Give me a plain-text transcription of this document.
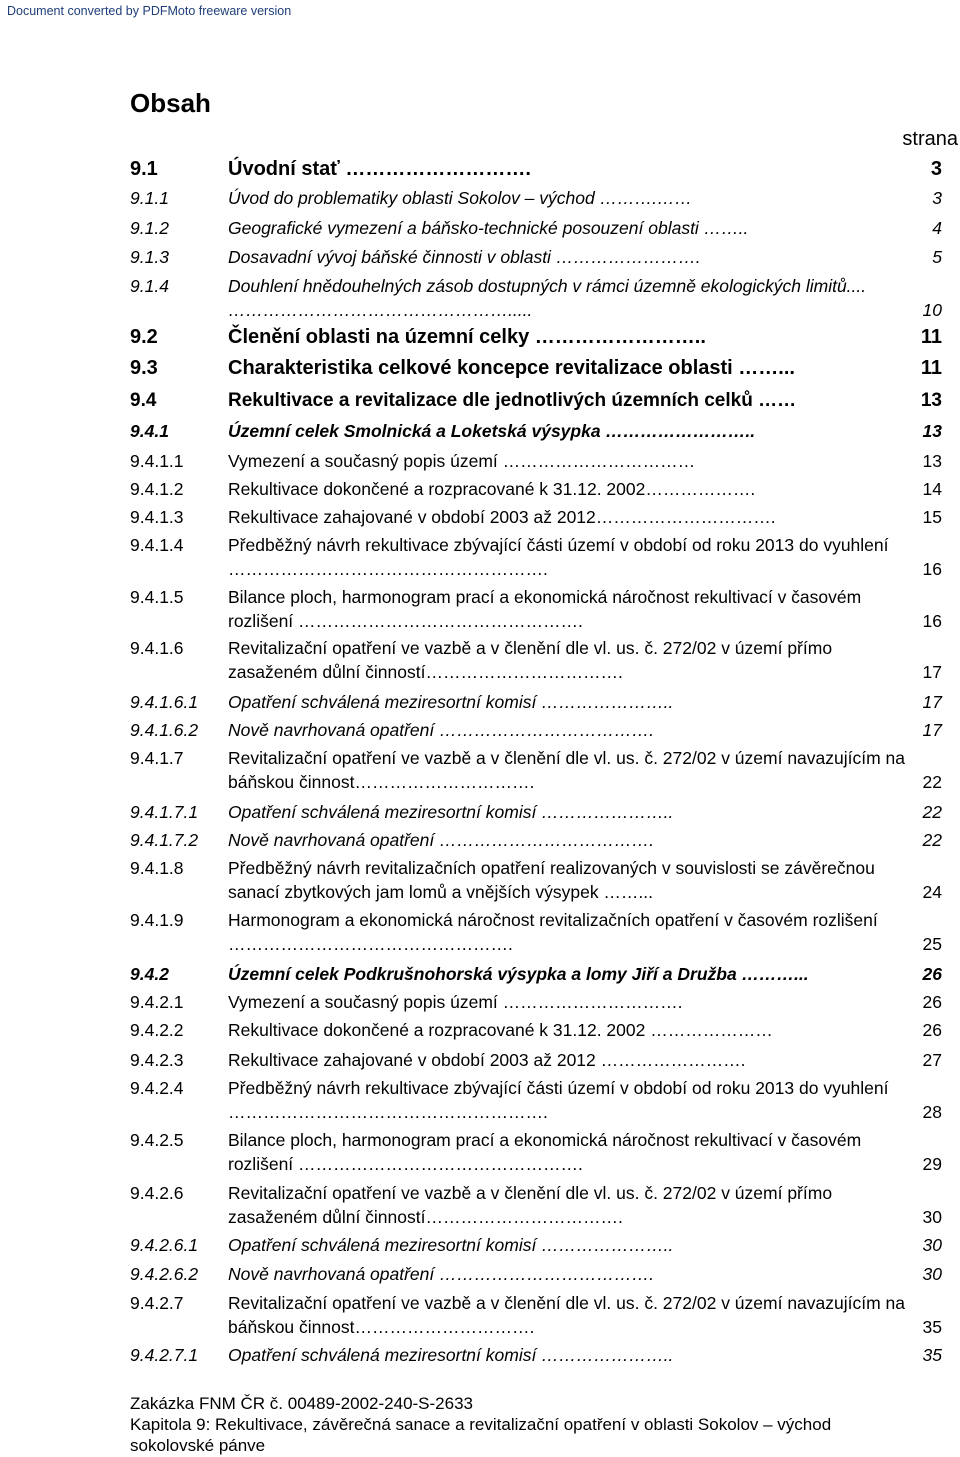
Document converted by PDFMoto freeware version
Obsah
strana
9.1	Úvodní stať ……………………….	3
9.1.1	Úvod do problematiky oblasti Sokolov – východ ……….……	3
9.1.2	Geografické vymezení a báňsko-technické posouzení oblasti ……..	4
9.1.3	Dosavadní vývoj báňské činnosti v oblasti …………………….	5
9.1.4	Douhlení hnědouhelných zásob dostupných v rámci územně ekologických limitů.... ………………………………………….....	10
9.2	Členění oblasti na územní celky ……………………..	11
9.3	Charakteristika celkové koncepce revitalizace oblasti ……...	11
9.4	Rekultivace a revitalizace dle jednotlivých územních celků ……	13
9.4.1	Územní celek Smolnická a Loketská výsypka ……………………..	13
9.4.1.1	Vymezení a současný popis území ……………………………	13
9.4.1.2	Rekultivace dokončené a rozpracované k 31.12. 2002……………….	14
9.4.1.3	Rekultivace zahajované v období 2003 až 2012………………………….	15
9.4.1.4	Předběžný návrh rekultivace zbývající části území v období od roku 2013 do vyuhlení ……………………………………………….	16
9.4.1.5	Bilance ploch, harmonogram prací a ekonomická náročnost rekultivací v časovém rozlišení ………………………………………….	16
9.4.1.6	Revitalizační opatření ve vazbě a v členění dle vl. us. č. 272/02 v území přímo zasaženém důlní činností…………………………….	17
9.4.1.6.1	Opatření schválená meziresortní komisí …………………..	17
9.4.1.6.2	Nově navrhovaná opatření ……………………………….	17
9.4.1.7	Revitalizační opatření ve vazbě a v členění dle vl. us. č. 272/02 v území navazujícím na báňskou činnost………………………….	22
9.4.1.7.1	Opatření schválená meziresortní komisí …………………..	22
9.4.1.7.2	Nově navrhovaná opatření ……………………………….	22
9.4.1.8	Předběžný návrh revitalizačních opatření realizovaných v souvislosti se závěrečnou sanací zbytkových jam lomů a vnějších výsypek ……...	24
9.4.1.9	Harmonogram a ekonomická náročnost revitalizačních opatření v časovém rozlišení ………………………………………….	25
9.4.2	Územní celek Podkrušnohorská výsypka a lomy Jiří a Družba ………...	26
9.4.2.1	Vymezení a současný popis území ………………………….	26
9.4.2.2	Rekultivace dokončené a rozpracované k 31.12. 2002 …………………	26
9.4.2.3	Rekultivace zahajované v období 2003 až 2012 …………………….	27
9.4.2.4	Předběžný návrh rekultivace zbývající části území v období od roku 2013 do vyuhlení ……………………………………………….	28
9.4.2.5	Bilance ploch, harmonogram prací a ekonomická náročnost rekultivací v časovém rozlišení ………………………………………….	29
9.4.2.6	Revitalizační opatření ve vazbě a v členění dle vl. us. č. 272/02 v území přímo zasaženém důlní činností…………………………….	30
9.4.2.6.1	Opatření schválená meziresortní komisí …………………..	30
9.4.2.6.2	Nově navrhovaná opatření ……………………………….	30
9.4.2.7	Revitalizační opatření ve vazbě a v členění dle vl. us. č. 272/02 v území navazujícím na báňskou činnost………………………….	35
9.4.2.7.1	Opatření schválená meziresortní komisí …………………..	35
Zakázka FNM ČR č. 00489-2002-240-S-2633
Kapitola 9: Rekultivace, závěrečná sanace a revitalizační opatření v oblasti Sokolov – východ
sokolovské pánve
